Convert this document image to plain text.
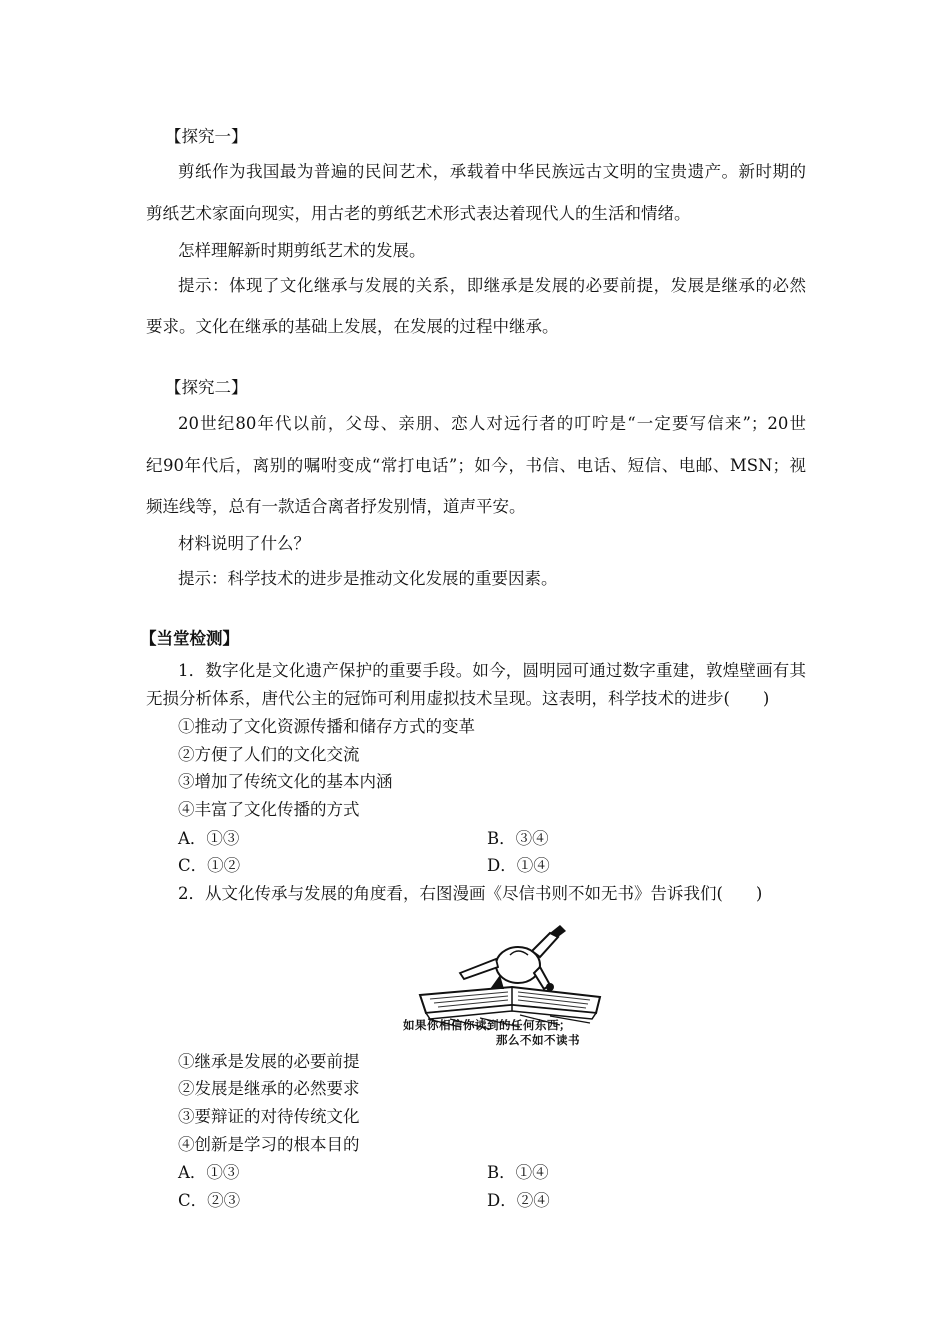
【探究一】
剪纸作为我国最为普遍的民间艺术，承载着中华民族远古文明的宝贵遗产。新时期的
剪纸艺术家面向现实，用古老的剪纸艺术形式表达着现代人的生活和情绪。
怎样理解新时期剪纸艺术的发展。
提示：体现了文化继承与发展的关系，即继承是发展的必要前提，发展是继承的必然
要求。文化在继承的基础上发展，在发展的过程中继承。
【探究二】
20世纪80年代以前，父母、亲朋、恋人对远行者的叮咛是“一定要写信来”；20世
纪90年代后，离别的嘱咐变成“常打电话”；如今，书信、电话、短信、电邮、MSN；视
频连线等，总有一款适合离者抒发别情，道声平安。
材料说明了什么？
提示：科学技术的进步是推动文化发展的重要因素。
【当堂检测】
1．数字化是文化遗产保护的重要手段。如今，圆明园可通过数字重建，敦煌壁画有其
无损分析体系，唐代公主的冠饰可利用虚拟技术呈现。这表明，科学技术的进步(　　)
①推动了文化资源传播和储存方式的变革
②方便了人们的文化交流
③增加了传统文化的基本内涵
④丰富了文化传播的方式
A．①③	B．③④
C．①②	D．①④
2．从文化传承与发展的角度看，右图漫画《尽信书则不如无书》告诉我们(　　)
如果你相信你读到的任何东西；
那么不如不读书
①继承是发展的必要前提
②发展是继承的必然要求
③要辩证的对待传统文化
④创新是学习的根本目的
A．①③	B．①④
C．②③	D．②④
